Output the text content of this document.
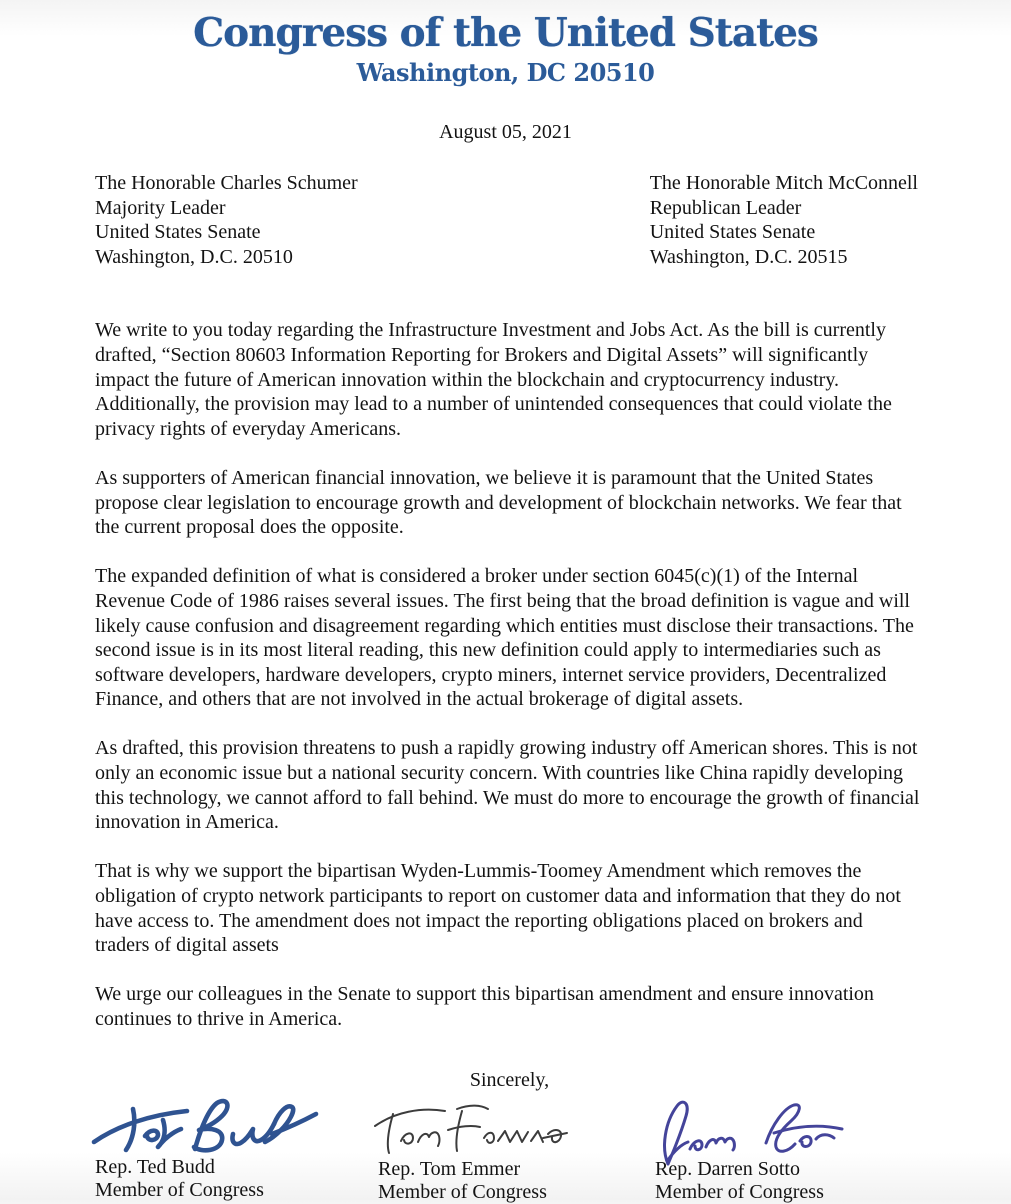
Congress of the United States
Washington, DC 20510
August 05, 2021
The Honorable Charles Schumer
Majority Leader
United States Senate
Washington, D.C. 20510
The Honorable Mitch McConnell
Republican Leader
United States Senate
Washington, D.C. 20515

We write to you today regarding the Infrastructure Investment and Jobs Act. As the bill is currently drafted, “Section 80603 Information Reporting for Brokers and Digital Assets” will significantly impact the future of American innovation within the blockchain and cryptocurrency industry. Additionally, the provision may lead to a number of unintended consequences that could violate the privacy rights of everyday Americans.

As supporters of American financial innovation, we believe it is paramount that the United States propose clear legislation to encourage growth and development of blockchain networks. We fear that the current proposal does the opposite.

The expanded definition of what is considered a broker under section 6045(c)(1) of the Internal Revenue Code of 1986 raises several issues. The first being that the broad definition is vague and will likely cause confusion and disagreement regarding which entities must disclose their transactions. The second issue is in its most literal reading, this new definition could apply to intermediaries such as software developers, hardware developers, crypto miners, internet service providers, Decentralized Finance, and others that are not involved in the actual brokerage of digital assets.

As drafted, this provision threatens to push a rapidly growing industry off American shores. This is not only an economic issue but a national security concern. With countries like China rapidly developing this technology, we cannot afford to fall behind. We must do more to encourage the growth of financial innovation in America.

That is why we support the bipartisan Wyden-Lummis-Toomey Amendment which removes the obligation of crypto network participants to report on customer data and information that they do not have access to. The amendment does not impact the reporting obligations placed on brokers and traders of digital assets

We urge our colleagues in the Senate to support this bipartisan amendment and ensure innovation continues to thrive in America.

Sincerely,
Rep. Ted Budd
Member of Congress
Rep. Tom Emmer
Member of Congress
Rep. Darren Sotto
Member of Congress
